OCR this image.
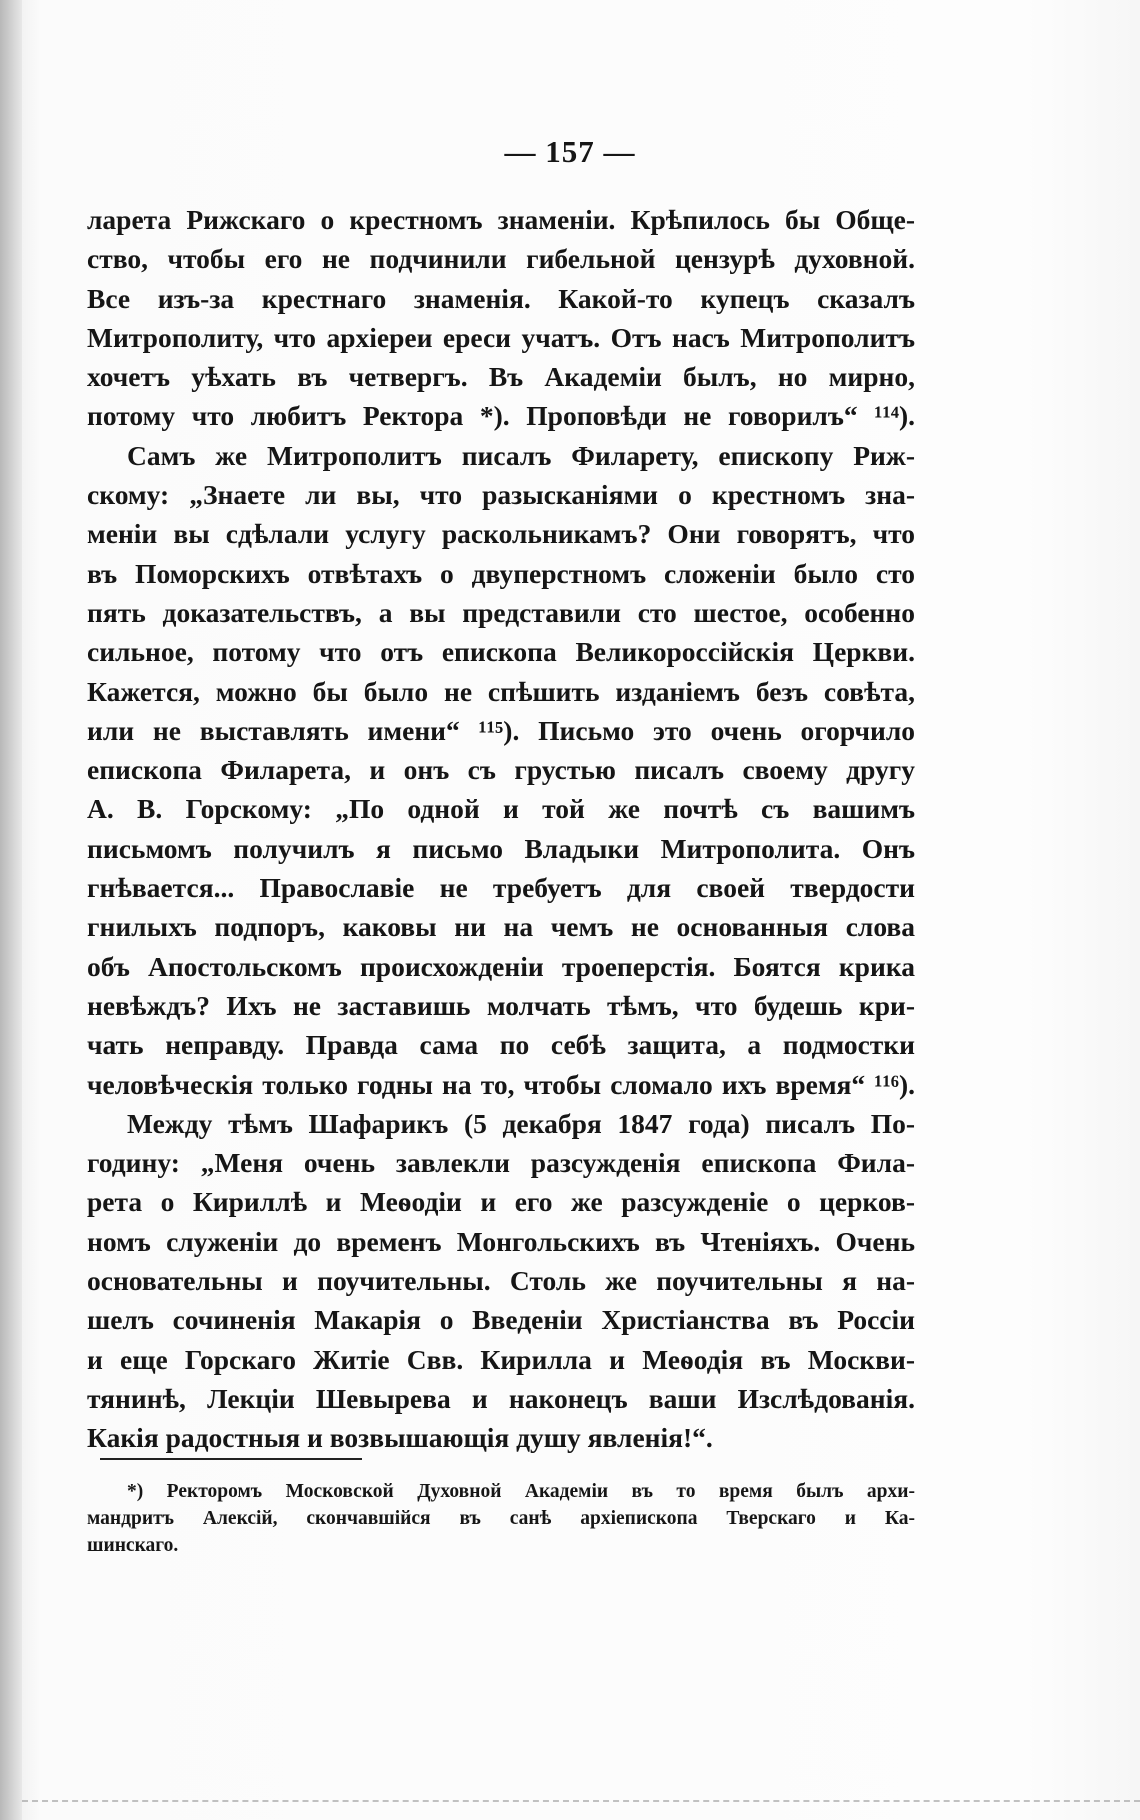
— 157 —
ларета Рижскаго о крестномъ знаменіи. Крѣпилось бы Обще-
ство, чтобы его не подчинили гибельной цензурѣ духовной.
Все изъ-за крестнаго знаменія. Какой-то купецъ сказалъ
Митрополиту, что архіереи ереси учатъ. Отъ насъ Митрополитъ
хочетъ уѣхать въ четвергъ. Въ Академіи былъ, но мирно,
потому что любитъ Ректора *). Проповѣди не говорилъ“ ¹¹⁴).
Самъ же Митрополитъ писалъ Филарету, епископу Риж-
скому: „Знаете ли вы, что разысканіями о крестномъ зна-
меніи вы сдѣлали услугу раскольникамъ? Они говорятъ, что
въ Поморскихъ отвѣтахъ о двуперстномъ сложеніи было сто
пять доказательствъ, а вы представили сто шестое, особенно
сильное, потому что отъ епископа Великороссійскія Церкви.
Кажется, можно бы было не спѣшить изданіемъ безъ совѣта,
или не выставлять имени“ ¹¹⁵). Письмо это очень огорчило
епископа Филарета, и онъ съ грустью писалъ своему другу
А. В. Горскому: „По одной и той же почтѣ съ вашимъ
письмомъ получилъ я письмо Владыки Митрополита. Онъ
гнѣвается... Православіе не требуетъ для своей твердости
гнилыхъ подпоръ, каковы ни на чемъ не основанныя слова
объ Апостольскомъ происхожденіи троеперстія. Боятся крика
невѣждъ? Ихъ не заставишь молчать тѣмъ, что будешь кри-
чать неправду. Правда сама по себѣ защита, а подмостки
человѣческія только годны на то, чтобы сломало ихъ время“ ¹¹⁶).
Между тѣмъ Шафарикъ (5 декабря 1847 года) писалъ По-
годину: „Меня очень завлекли разсужденія епископа Фила-
рета о Кириллѣ и Меѳодіи и его же разсужденіе о церков-
номъ служеніи до временъ Монгольскихъ въ Чтеніяхъ. Очень
основательны и поучительны. Столь же поучительны я на-
шелъ сочиненія Макарія о Введеніи Христіанства въ Россіи
и еще Горскаго Житіе Свв. Кирилла и Меѳодія въ Москви-
тянинѣ, Лекціи Шевырева и наконецъ ваши Изслѣдованія.
Какія радостныя и возвышающія душу явленія!“.
*) Ректоромъ Московской Духовной Академіи въ то время былъ архи-
мандритъ Алексій, скончавшійся въ санѣ архіепископа Тверскаго и Ка-
шинскаго.
